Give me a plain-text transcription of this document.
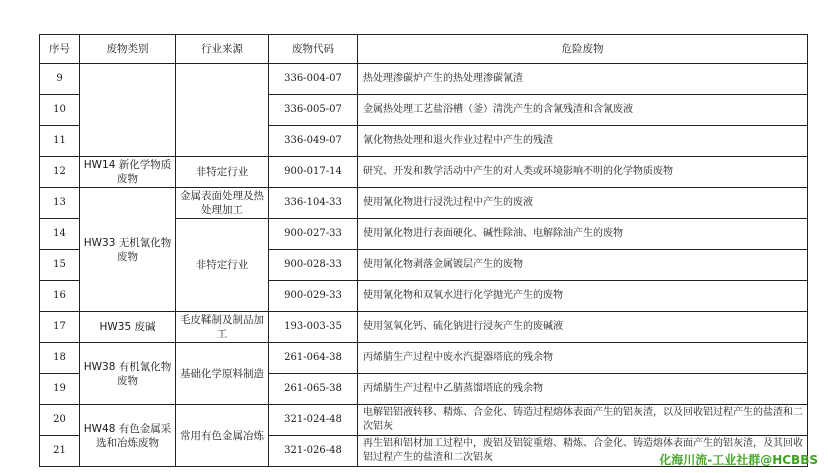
序号	废物类别	行业来源	废物代码	危险废物
9			336-004-07	热处理渗碳炉产生的热处理渗碳氰渣
10			336-005-07	金属热处理工艺盐浴槽（釜）清洗产生的含氰残渣和含氰废液
11			336-049-07	氰化物热处理和退火作业过程中产生的残渣
12	HW14 新化学物质废物	非特定行业	900-017-14	研究、开发和教学活动中产生的对人类或环境影响不明的化学物质废物
13	HW33 无机氰化物废物	金属表面处理及热处理加工	336-104-33	使用氰化物进行浸洗过程中产生的废液
14		非特定行业	900-027-33	使用氰化物进行表面硬化、碱性除油、电解除油产生的废物
15			900-028-33	使用氰化物剥落金属镀层产生的废物
16			900-029-33	使用氰化物和双氧水进行化学抛光产生的废物
17	HW35 废碱	毛皮鞣制及制品加工	193-003-35	使用氢氧化钙、硫化钠进行浸灰产生的废碱液
18	HW38 有机氰化物废物	基础化学原料制造	261-064-38	丙烯腈生产过程中废水汽提器塔底的残余物
19			261-065-38	丙烯腈生产过程中乙腈蒸馏塔底的残余物
20	HW48 有色金属采选和冶炼废物	常用有色金属冶炼	321-024-48	电解铝铝液转移、精炼、合金化、铸造过程熔体表面产生的铝灰渣，以及回收铝过程产生的盐渣和二次铝灰
21			321-026-48	再生铝和铝材加工过程中，废铝及铝锭重熔、精炼、合金化、铸造熔体表面产生的铝灰渣，及其回收铝过程产生的盐渣和二次铝灰	化海川流-工业社群@HCBBS
